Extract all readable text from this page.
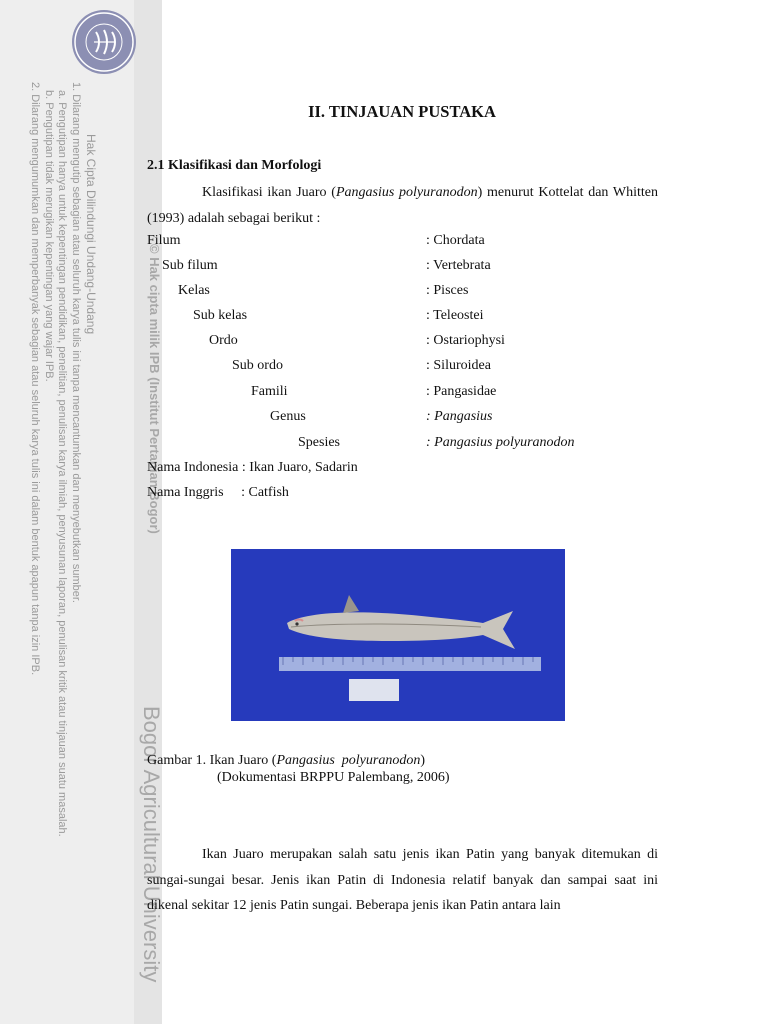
Hak Cipta Dilindungi Undang-Undang
1. Dilarang mengutip sebagian atau seluruh karya tulis ini tanpa mencantumkan dan menyebutkan sumber.
a. Pengutipan hanya untuk kepentingan pendidikan, penelitian, penulisan karya ilmiah, penyusunan laporan, penulisan kritik atau tinjauan suatu masalah.
b. Pengutipan tidak merugikan kepentingan yang wajar IPB.
2. Dilarang mengumumkan dan memperbanyak sebagian atau seluruh karya tulis ini dalam bentuk apapun tanpa izin IPB.	© Hak cipta milik IPB (Institut Pertanian Bogor)
Bogor Agricultural University
II. TINJAUAN PUSTAKA
2.1 Klasifikasi dan Morfologi
Klasifikasi ikan Juaro (Pangasius polyuranodon) menurut Kottelat dan Whitten (1993) adalah sebagai berikut :
Filum	: Chordata
Sub filum	: Vertebrata
Kelas	: Pisces
Sub kelas	: Teleostei
Ordo	: Ostariophysi
Sub ordo	: Siluroidea
Famili	: Pangasidae
Genus	: Pangasius
Spesies	: Pangasius polyuranodon
Nama Indonesia : Ikan Juaro, Sadarin
Nama Inggris     : Catfish
Gambar 1. Ikan Juaro (Pangasius  polyuranodon)
(Dokumentasi BRPPU Palembang, 2006)
Ikan Juaro merupakan salah satu jenis ikan Patin yang banyak ditemukan di sungai-sungai besar. Jenis ikan Patin di Indonesia relatif banyak dan sampai saat ini dikenal sekitar 12 jenis Patin sungai. Beberapa jenis ikan Patin antara lain
